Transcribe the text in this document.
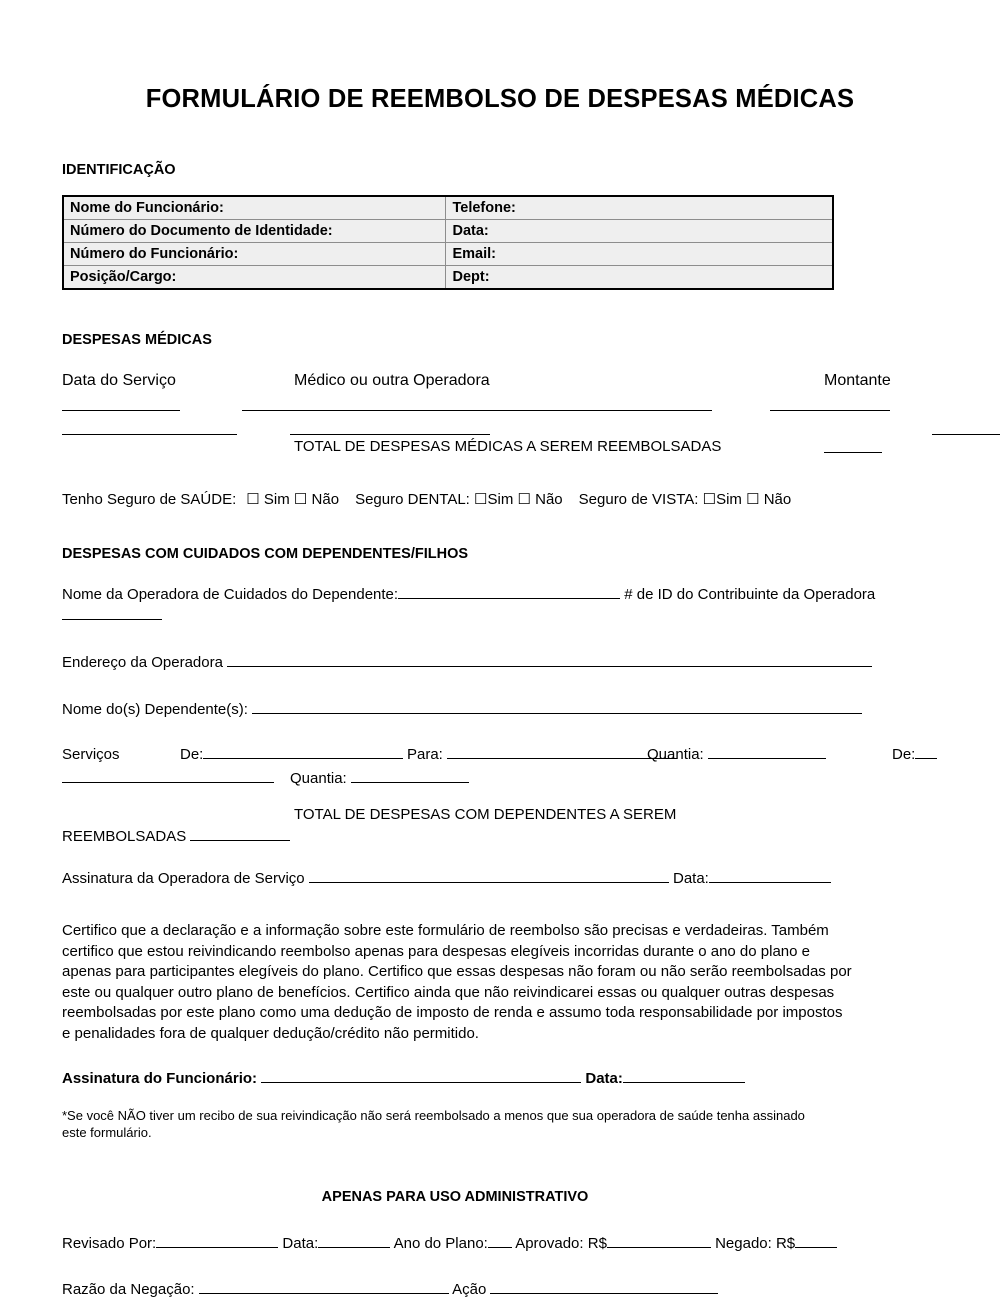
FORMULÁRIO DE REEMBOLSO DE DESPESAS MÉDICAS
IDENTIFICAÇÃO
Nome do Funcionário:	Telefone:
Número do Documento de Identidade:	Data:
Número do Funcionário:	Email:
Posição/Cargo:	Dept:
DESPESAS MÉDICAS
Data do Serviço	Médico ou outra Operadora	Montante
TOTAL DE DESPESAS MÉDICAS A SEREM REEMBOLSADAS
Tenho Seguro de SAÚDE: ☐ Sim ☐ Não Seguro DENTAL: ☐Sim ☐ Não Seguro de VISTA: ☐Sim ☐ Não
DESPESAS COM CUIDADOS COM DEPENDENTES/FILHOS
Nome da Operadora de Cuidados do Dependente:	# de ID do Contribuinte da Operadora
Endereço da Operadora
Nome do(s) Dependente(s):
Serviços	De:	Para:	Quantia:	De:
Quantia:
TOTAL DE DESPESAS COM DEPENDENTES A SEREM
REEMBOLSADAS
Assinatura da Operadora de Serviço	Data:
Certifico que a declaração e a informação sobre este formulário de reembolso são precisas e verdadeiras. Também certifico que estou reivindicando reembolso apenas para despesas elegíveis incorridas durante o ano do plano e apenas para participantes elegíveis do plano. Certifico que essas despesas não foram ou não serão reembolsadas por este ou qualquer outro plano de benefícios. Certifico ainda que não reivindicarei essas ou qualquer outras despesas reembolsadas por este plano como uma dedução de imposto de renda e assumo toda responsabilidade por impostos e penalidades fora de qualquer dedução/crédito não permitido.
Assinatura do Funcionário:	Data:
*Se você NÃO tiver um recibo de sua reivindicação não será reembolsado a menos que sua operadora de saúde tenha assinado este formulário.
APENAS PARA USO ADMINISTRATIVO
Revisado Por:	Data:	Ano do Plano: Aprovado: R$	Negado: R$
Razão da Negação:	Ação
